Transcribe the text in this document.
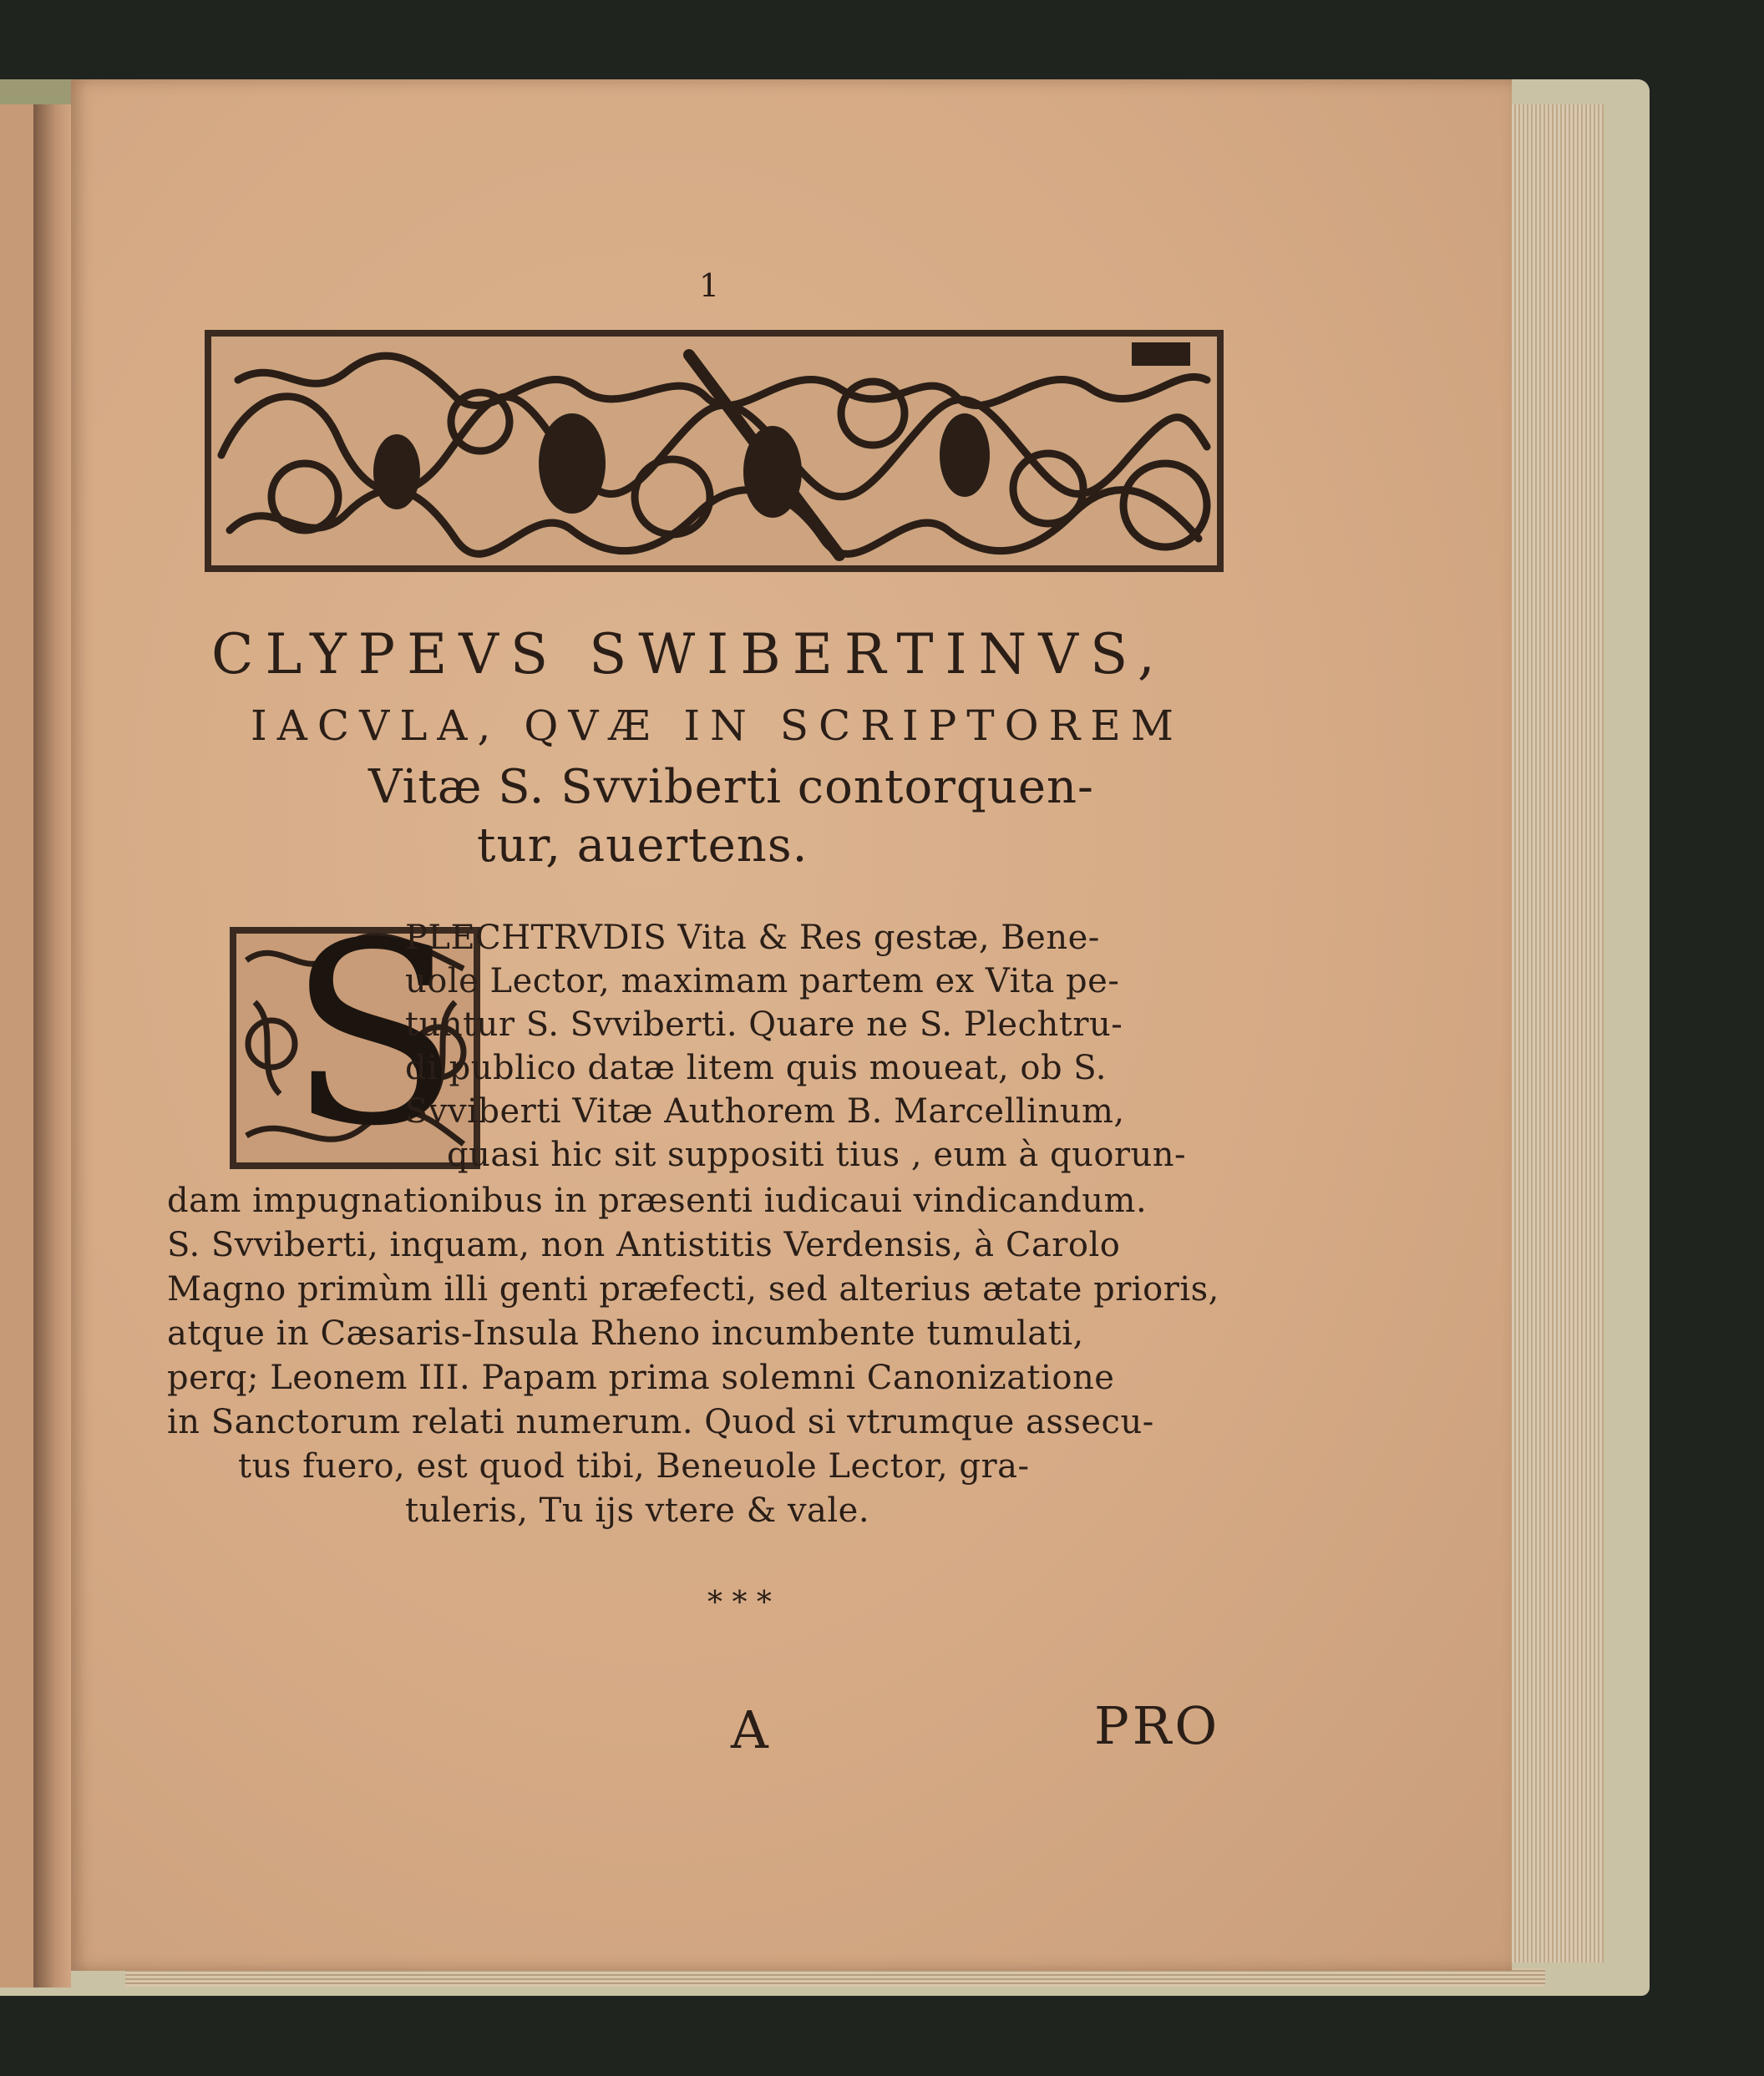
1
CLYPEVS SWIBERTINVS,
IACVLA, QVÆ IN SCRIPTOREM
Vitæ S. Svviberti contorquen-
tur, auertens.
S
PLECHTRVDIS Vita & Res gestæ, Bene-
uole Lector, maximam partem ex Vita pe-
tuntur S. Svviberti. Quare ne S. Plechtru-
di publico datæ litem quis moueat, ob S.
Svviberti Vitæ Authorem B. Marcellinum,
quasi hic sit suppositi tius , eum à quorun-
dam impugnationibus in præsenti iudicaui vindicandum.
S. Svviberti, inquam, non Antistitis Verdensis, à Carolo
Magno primùm illi genti præfecti, sed alterius ætate prioris,
atque in Cæsaris-Insula Rheno incumbente tumulati,
perq; Leonem III. Papam prima solemni Canonizatione
in Sanctorum relati numerum. Quod si vtrumque assecu-
tus fuero, est quod tibi, Beneuole Lector, gra-
tuleris, Tu ijs vtere & vale.
* * *
A	PRO
